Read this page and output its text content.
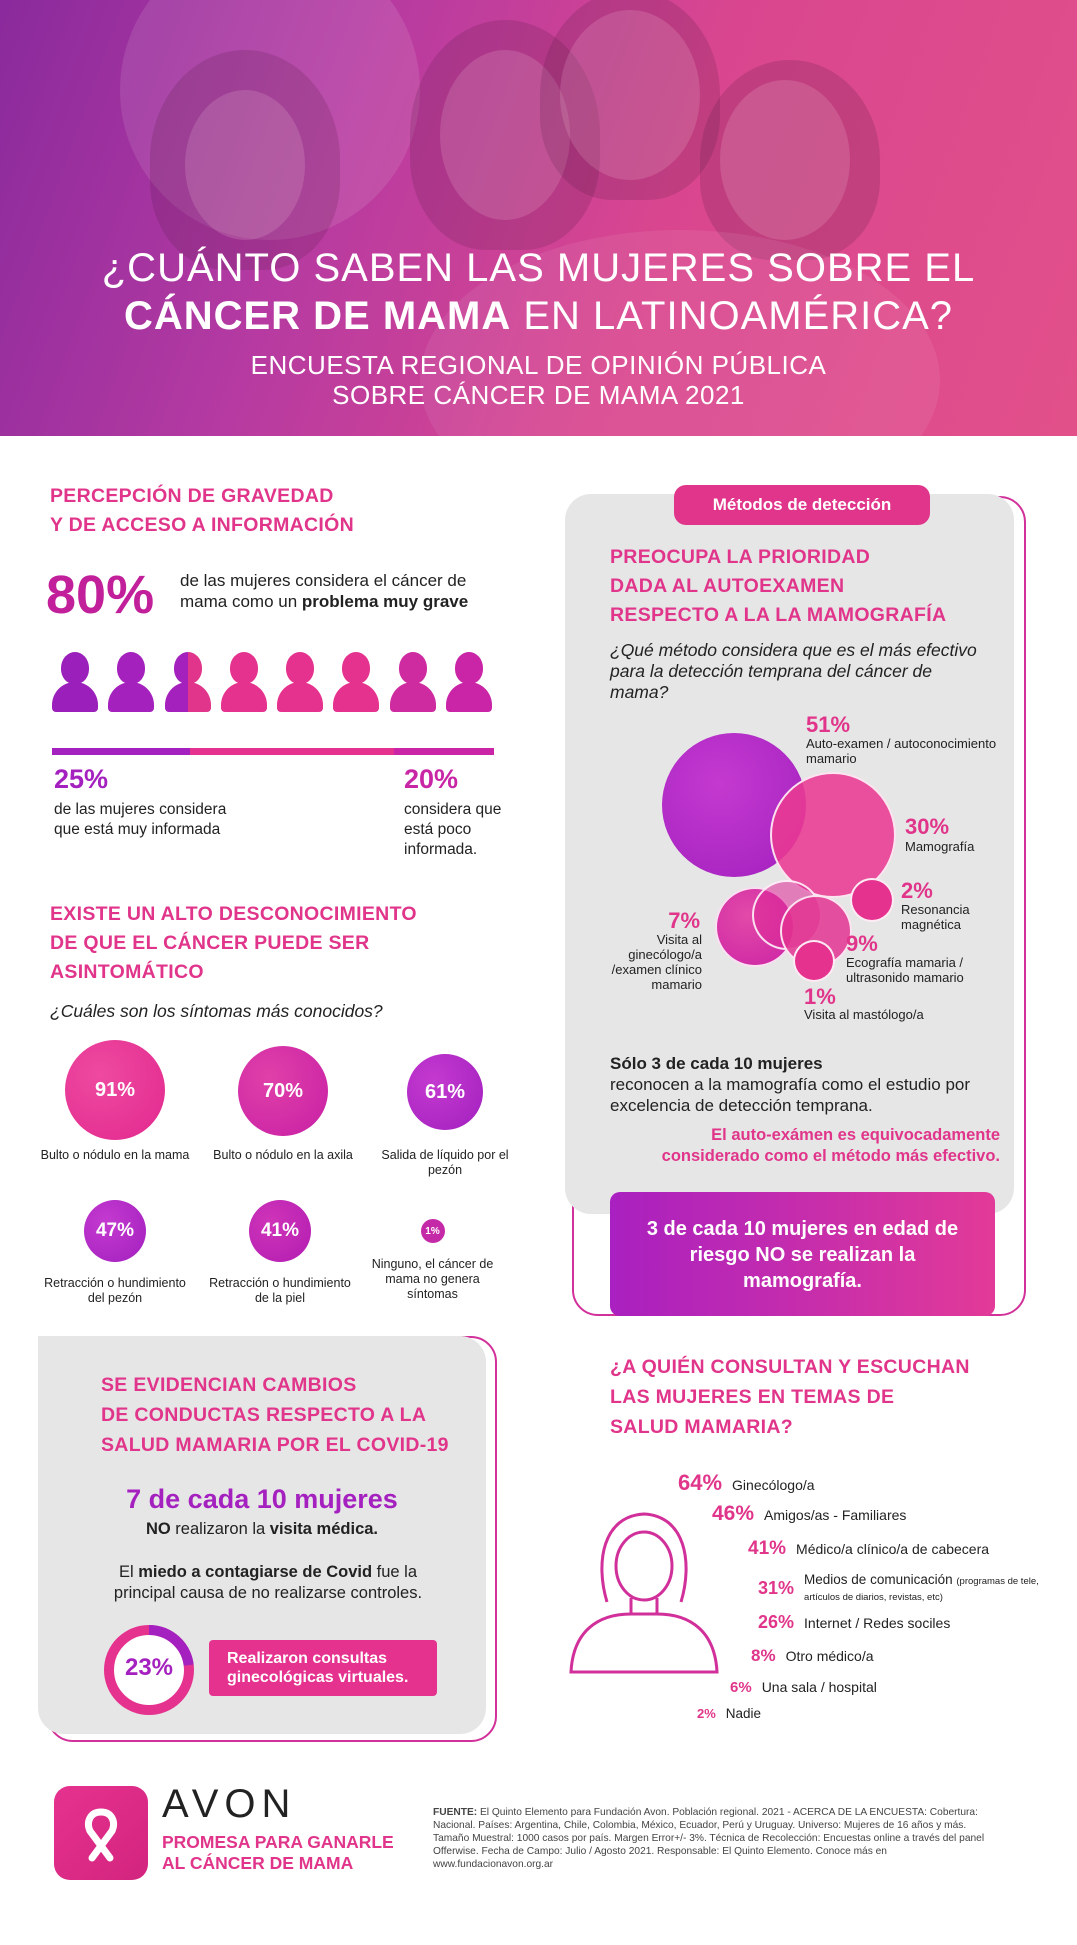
¿CUÁNTO SABEN LAS MUJERES SOBRE EL
CÁNCER DE MAMA EN LATINOAMÉRICA?
ENCUESTA REGIONAL DE OPINIÓN PÚBLICA
SOBRE CÁNCER DE MAMA 2021
PERCEPCIÓN DE GRAVEDAD
Y DE ACCESO A INFORMACIÓN
80% de las mujeres considera el cáncer de mama como un problema muy grave
25%
de las mujeres considera que está muy informada
20%
considera que está poco informada.
EXISTE UN ALTO DESCONOCIMIENTO
DE QUE EL CÁNCER PUEDE SER
ASINTOMÁTICO
¿Cuáles son los síntomas más conocidos?
91%
Bulto o nódulo en la mama
70%
Bulto o nódulo en la axila
61%
Salida de líquido por el pezón
47%
Retracción o hundimiento del pezón
41%
Retracción o hundimiento de la piel
1%
Ninguno, el cáncer de mama no genera síntomas
SE EVIDENCIAN CAMBIOS
DE CONDUCTAS RESPECTO A LA
SALUD MAMARIA POR EL COVID-19
7 de cada 10 mujeres
NO realizaron la visita médica.
El miedo a contagiarse de Covid fue la principal causa de no realizarse controles.
23%	Realizaron consultas ginecológicas virtuales.
Métodos de detección
PREOCUPA LA PRIORIDAD
DADA AL AUTOEXAMEN
RESPECTO A LA LA MAMOGRAFÍA
¿Qué método considera que es el más efectivo para la detección temprana del cáncer de mama?
51%
Auto-examen / autoconocimiento mamario
30%
Mamografía
2%
Resonancia magnética
9%
Ecografía mamaria / ultrasonido mamario
1%
Visita al mastólogo/a
7%
Visita al ginecólogo/a /examen clínico mamario
Sólo 3 de cada 10 mujeres
reconocen a la mamografía como el estudio por excelencia de detección temprana.
El auto-exámen es equivocadamente considerado como el método más efectivo.
3 de cada 10 mujeres en edad de riesgo NO se realizan la mamografía.
¿A QUIÉN CONSULTAN Y ESCUCHAN
LAS MUJERES EN TEMAS DE
SALUD MAMARIA?
64% Ginecólogo/a
46% Amigos/as - Familiares
41% Médico/a clínico/a de cabecera
31% Medios de comunicación (programas de tele, artículos de diarios, revistas, etc)
26% Internet / Redes sociles
8% Otro médico/a
6% Una sala / hospital
2% Nadie
AVON
PROMESA PARA GANARLE
AL CÁNCER DE MAMA
FUENTE: El Quinto Elemento para Fundación Avon. Población regional. 2021 - ACERCA DE LA ENCUESTA: Cobertura: Nacional. Países: Argentina, Chile, Colombia, México, Ecuador, Perú y Uruguay. Universo: Mujeres de 16 años y más. Tamaño Muestral: 1000 casos por país. Margen Error+/- 3%. Técnica de Recolección: Encuestas online a través del panel Offerwise. Fecha de Campo: Julio / Agosto 2021. Responsable: El Quinto Elemento. Conoce más en www.fundacionavon.org.ar
